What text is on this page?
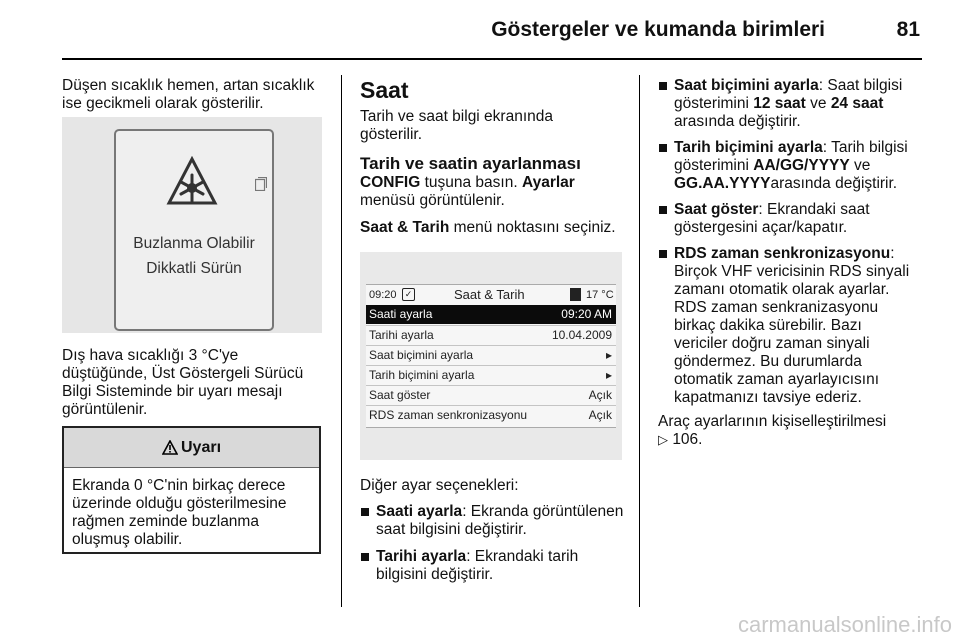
Göstergeler ve kumanda birimleri	81

Düşen sıcaklık hemen, artan sıcaklık

ise gecikmeli olarak gösterilir.

Buzlanma Olabilir
Dikkatli Sürün

Dış hava sıcaklığı 3 °C'ye

düştüğünde, Üst Göstergeli Sürücü

Bilgi Sisteminde bir uyarı mesajı

görüntülenir.

Uyarı
Ekranda 0 °C'nin birkaç derece
üzerinde olduğu gösterilmesine
rağmen zeminde buzlanma
oluşmuş olabilir.
Saat

Tarih ve saat bilgi ekranında

gösterilir.

Tarih ve saatin ayarlanması

CONFIG tuşuna basın. Ayarlar

menüsü görüntülenir.

Saat & Tarih menü noktasını seçiniz.

09:20 ✓	Saat & Tarih	17 °C
Saati ayarla	09:20 AM
Tarihi ayarla	10.04.2009
Saat biçimini ayarla	▸
Tarih biçimini ayarla	▸
Saat göster	Açık
RDS zaman senkronizasyonu	Açık

Diğer ayar seçenekleri:

Saati ayarla: Ekranda görüntülenen
saat bilgisini değiştirir.
Tarihi ayarla: Ekrandaki tarih
bilgisini değiştirir.
Saat biçimini ayarla: Saat bilgisi
gösterimini 12 saat ve 24 saat
arasında değiştirir.
Tarih biçimini ayarla: Tarih bilgisi
gösterimini AA/GG/YYYY ve
GG.AA.YYYYarasında değiştirir.
Saat göster: Ekrandaki saat
göstergesini açar/kapatır.
RDS zaman senkronizasyonu:
Birçok VHF vericisinin RDS sinyali
zamanı otomatik olarak ayarlar.
RDS zaman senkranizasyonu
birkaç dakika sürebilir. Bazı
vericiler doğru zaman sinyali
göndermez. Bu durumlarda
otomatik zaman ayarlayıcısını
kapatmanızı tavsiye ederiz.

Araç ayarlarının kişiselleştirilmesi

▷ 106.

carmanualsonline.info
